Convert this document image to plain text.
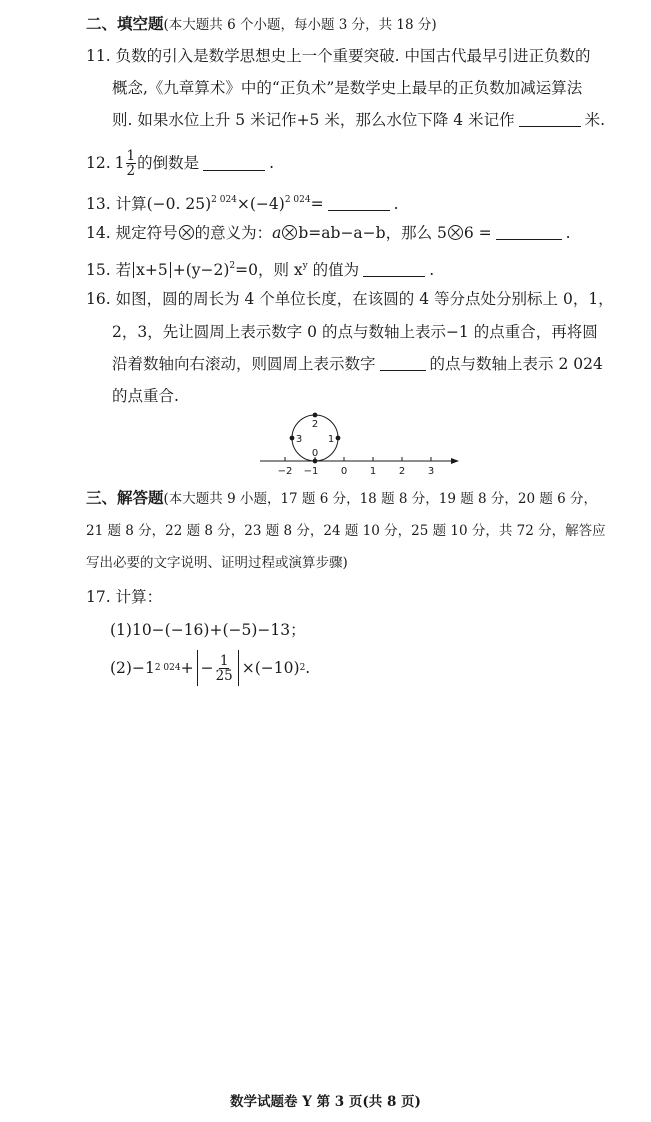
二、填空题(本大题共 6 个小题，每小题 3 分，共 18 分)
11. 负数的引入是数学思想史上一个重要突破. 中国古代最早引进正负数的
概念,《九章算术》中的“正负术”是数学史上最早的正负数加减运算法
则. 如果水位上升 5 米记作+5 米，那么水位下降 4 米记作	米.
12. $1 \frac{1}{2}$ 的倒数是	.
13. 计算(−0. $25)^{2 024}\times(-4)^{2 024}=$	.
14. 规定符号 的意义为：a b=ab−a−b，那么 5 6 =	.
15. 若 $x+5 +(y-2)^2=0$，则 $x^y$ 的值为	.
16. 如图，圆的周长为 4 个单位长度，在该圆的 4 等分点处分别标上 0，1，
2，3，先让圆周上表示数字 0 的点与数轴上表示−1 的点重合，再将圆
沿着数轴向右滚动，则圆周上表示数字	的点与数轴上表示 2 024
的点重合.
−2 −1 0 1 2 3
0
1
2
3
三、解答题(本大题共 9 小题，17 题 6 分，18 题 8 分，19 题 8 分，20 题 6 分，
21 题 8 分，22 题 8 分，23 题 8 分，24 题 10 分，25 题 10 分，共 72 分，解答应
写出必要的文字说明、证明过程或演算步骤)
17. 计算：
(1)10−(−16)+(−5)−13；
(2)−1 2 024 + − $\frac{1}{25} \times(-10)$ 2 .
数学试题卷 Y 第 3 页(共 8 页)
